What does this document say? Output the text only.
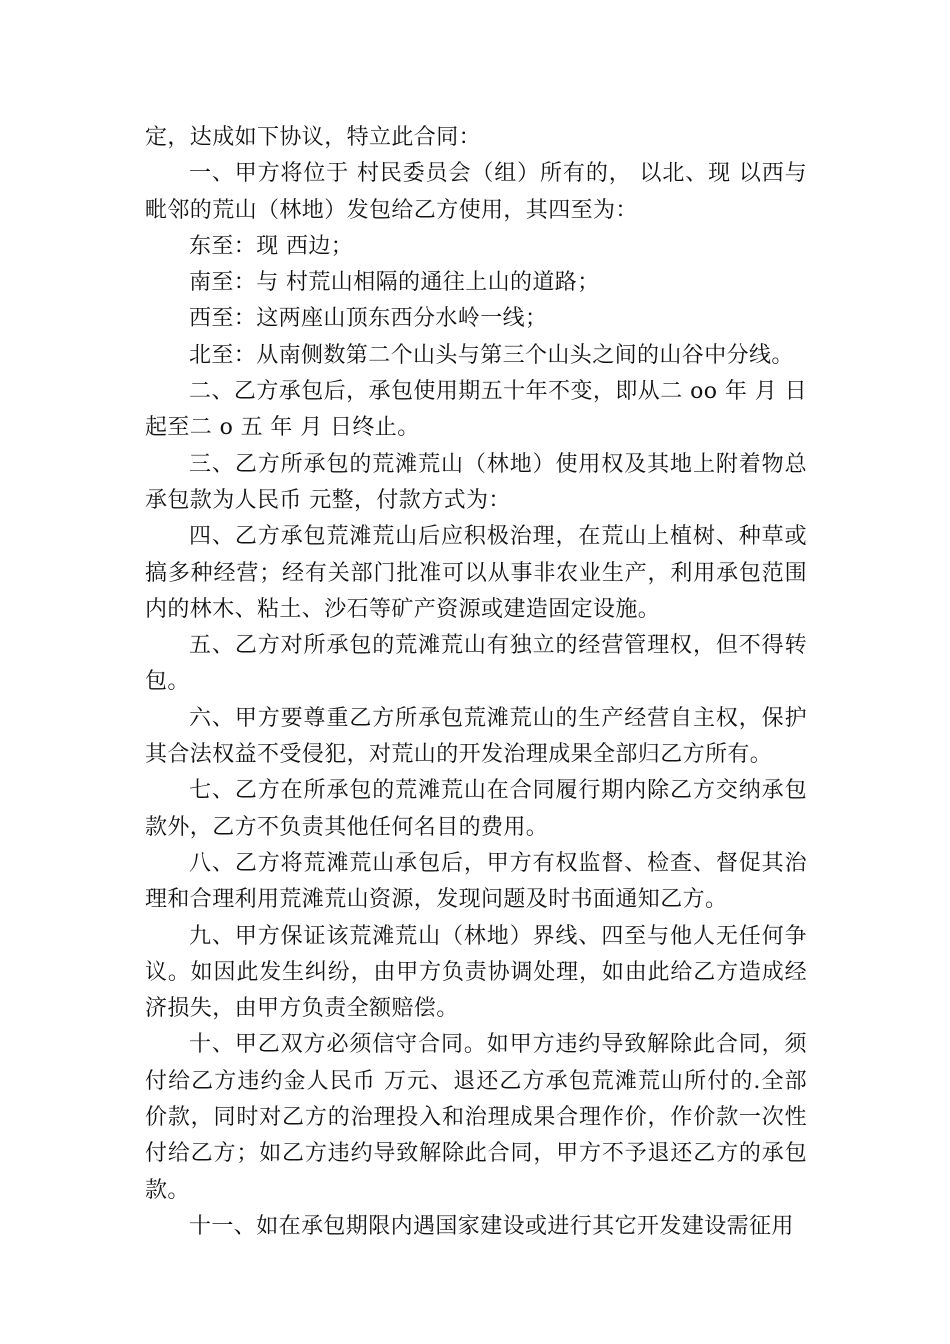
定，达成如下协议，特立此合同：

一、甲方将位于 村民委员会（组）所有的， 以北、现 以西与毗邻的荒山（林地）发包给乙方使用，其四至为：

东至：现 西边；

南至：与 村荒山相隔的通往上山的道路；

西至：这两座山顶东西分水岭一线；

北至：从南侧数第二个山头与第三个山头之间的山谷中分线。

二、乙方承包后，承包使用期五十年不变，即从二 oo 年 月 日起至二 o 五 年 月 日终止。

三、乙方所承包的荒滩荒山（林地）使用权及其地上附着物总承包款为人民币 元整，付款方式为：

四、乙方承包荒滩荒山后应积极治理，在荒山上植树、种草或搞多种经营；经有关部门批准可以从事非农业生产，利用承包范围内的林木、粘土、沙石等矿产资源或建造固定设施。

五、乙方对所承包的荒滩荒山有独立的经营管理权，但不得转包。

六、甲方要尊重乙方所承包荒滩荒山的生产经营自主权，保护其合法权益不受侵犯，对荒山的开发治理成果全部归乙方所有。

七、乙方在所承包的荒滩荒山在合同履行期内除乙方交纳承包款外，乙方不负责其他任何名目的费用。

八、乙方将荒滩荒山承包后，甲方有权监督、检查、督促其治理和合理利用荒滩荒山资源，发现问题及时书面通知乙方。

九、甲方保证该荒滩荒山（林地）界线、四至与他人无任何争议。如因此发生纠纷，由甲方负责协调处理，如由此给乙方造成经济损失，由甲方负责全额赔偿。

十、甲乙双方必须信守合同。如甲方违约导致解除此合同，须付给乙方违约金人民币 万元、退还乙方承包荒滩荒山所付的.全部价款，同时对乙方的治理投入和治理成果合理作价，作价款一次性付给乙方；如乙方违约导致解除此合同，甲方不予退还乙方的承包款。

十一、如在承包期限内遇国家建设或进行其它开发建设需征用
